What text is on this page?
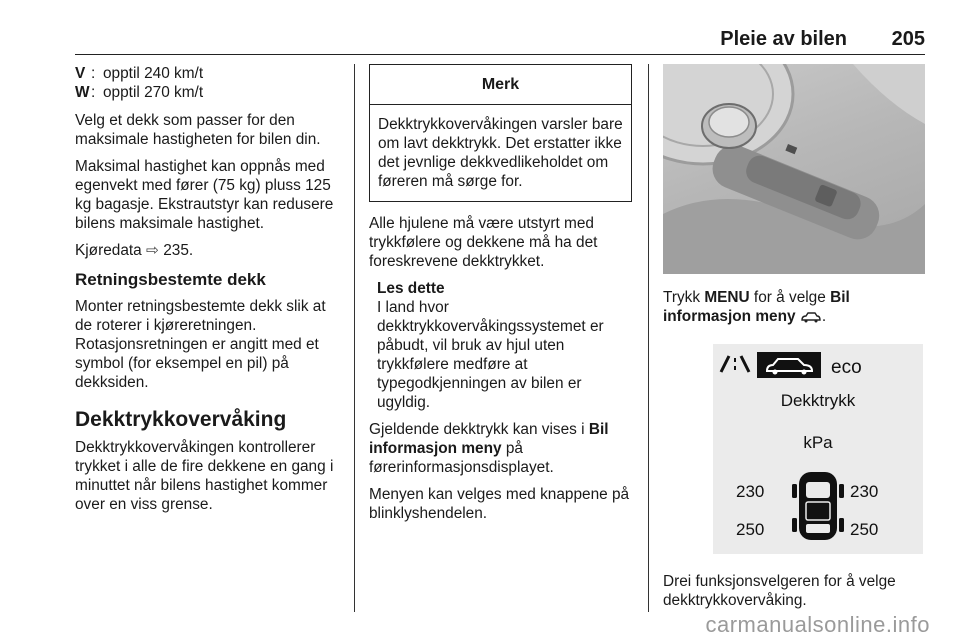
Pleie av bilen 205
V : opptil 240 km/t
W : opptil 270 km/t

Velg et dekk som passer for den maksimale hastigheten for bilen din.

Maksimal hastighet kan oppnås med egenvekt med fører (75 kg) pluss 125 kg bagasje. Ekstrautstyr kan redusere bilens maksimale hastighet.

Kjøredata ⇨ 235.

Retningsbestemte dekk

Monter retningsbestemte dekk slik at de roterer i kjøreretningen. Rotasjonsretningen er angitt med et symbol (for eksempel en pil) på dekksiden.

Dekktrykkovervåking

Dekktrykkovervåkingen kontrollerer trykket i alle de fire dekkene en gang i minuttet når bilens hastighet kommer over en viss grense.

Merk
Dekktrykkovervåkingen varsler bare om lavt dekktrykk. Det erstatter ikke det jevnlige dekkvedlikeholdet om føreren må sørge for.

Alle hjulene må være utstyrt med trykkfølere og dekkene må ha det foreskrevene dekktrykket.

Les dette
I land hvor dekktrykkovervåkingssystemet er påbudt, vil bruk av hjul uten trykkfølere medføre at typegodkjenningen av bilen er ugyldig.

Gjeldende dekktrykk kan vises i Bil informasjon meny på førerinformasjonsdisplayet.

Menyen kan velges med knappene på blinklyshendelen.

Trykk MENU for å velge Bil informasjon meny .

eco
Dekktrykk
kPa
230	230
250	250

Drei funksjonsvelgeren for å velge dekktrykkovervåking.

carmanualsonline.info
